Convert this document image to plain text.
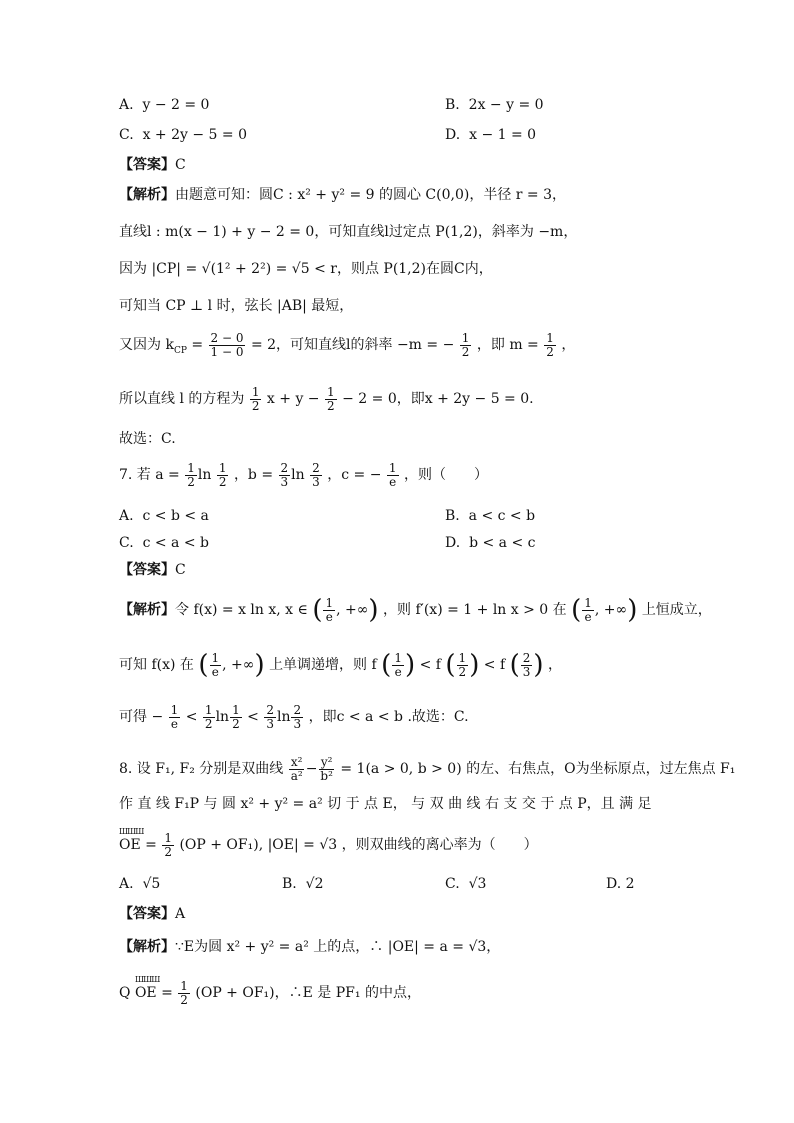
A. y − 2 = 0	B. 2x − y = 0
C. x + 2y − 5 = 0	D. x − 1 = 0
【答案】C
【解析】由题意可知：圆C : x² + y² = 9 的圆心 C(0,0)，半径 r = 3，
直线l : m(x − 1) + y − 2 = 0，可知直线l过定点 P(1,2)，斜率为 −m，
因为 |CP| = √(1² + 2²) = √5 < r，则点 P(1,2)在圆C内，
可知当 CP ⊥ l 时，弦长 |AB| 最短，
又因为 $k_{CP} = \frac{2 - 0}{1 - 0} = 2$，可知直线l的斜率 −m = − $\frac{1}{2}$ ，即 $m = \frac{1}{2}$ ，
所以直线 l 的方程为 $\frac{1}{2}$ $x + y - \frac{1}{2} - 2 = 0$，即x + 2y − 5 = 0.
故选：C.
7. 若 $a = \frac{1}{2}$ $\ln \frac{1}{2}$ ，$b = \frac{2}{3}$ $\ln \frac{2}{3}$ ，c = − $\frac{1}{e}$ ，则（　　）
A. c < b < a	B. a < c < b
C. c < a < b	D. b < a < c
【答案】C
【解析】令 f(x) = x ln x, x ∈ ( $\frac{1}{e}$ , +∞) ，则 f′(x) = 1 + ln x > 0 在 ( $\frac{1}{e}$ , +∞) 上恒成立，
可知 f(x) 在 ( $\frac{1}{e}$ , +∞) 上单调递增，则 f ( $\frac{1}{e}$ ) < f ( $\frac{1}{2}$ ) < f ( $\frac{2}{3}$ ) ，
可得 − $\frac{1}{e} < \frac{1}{2}$ $\ln \frac{1}{2} < \frac{2}{3}$ $\ln \frac{2}{3}$ ，即c < a < b .故选：C.
8. 设 F₁, F₂ 分别是双曲线 $\frac{\text{x²}}{\text{a²}} - \frac{\text{y²}}{\text{b²}} = 1(a > 0$, b > 0) 的左、右焦点，O为坐标原点，过左焦点 F₁
作 直 线 F₁P 与 圆 x² + y² = a² 切 于 点 E， 与 双 曲 线 右 支 交 于 点 P，且 满 足
ШШШ OE = $\frac{1}{2} (OP + OF_1)$, |OE| = √3 ，则双曲线的离心率为（　　）
A. √5	B. √2	C. √3	D. 2
【答案】A
【解析】∵E为圆 x² + y² = a² 上的点，∴ |OE| = a = √3，
Q ШШШ OE = $\frac{1}{2} (OP + OF_1)$，∴E 是 PF₁ 的中点，
